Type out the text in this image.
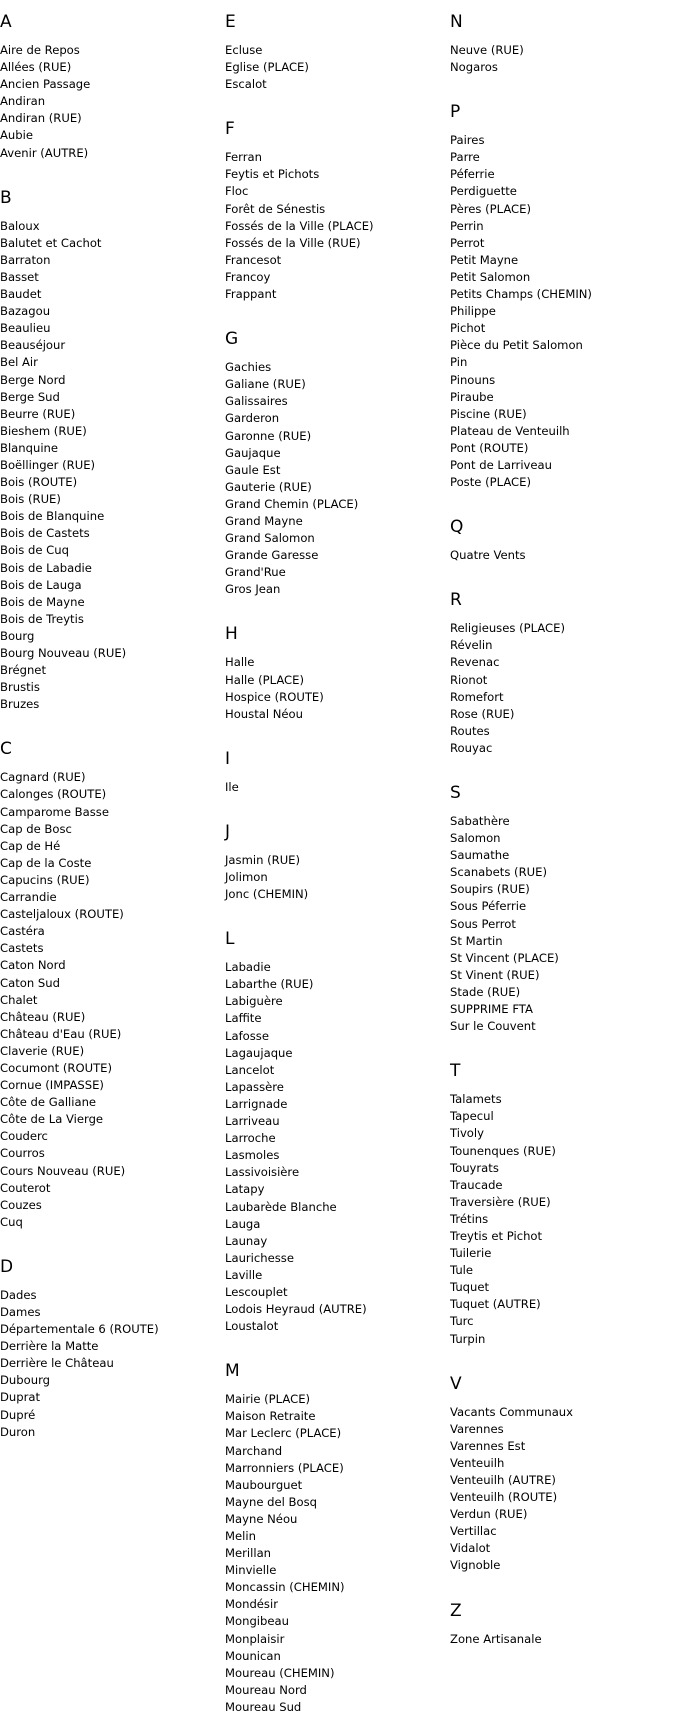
A
Aire de Repos
Allées (RUE)
Ancien Passage
Andiran
Andiran (RUE)
Aubie
Avenir (AUTRE)
B
Baloux
Balutet et Cachot
Barraton
Basset
Baudet
Bazagou
Beaulieu
Beauséjour
Bel Air
Berge Nord
Berge Sud
Beurre (RUE)
Bieshem (RUE)
Blanquine
Boëllinger (RUE)
Bois (ROUTE)
Bois (RUE)
Bois de Blanquine
Bois de Castets
Bois de Cuq
Bois de Labadie
Bois de Lauga
Bois de Mayne
Bois de Treytis
Bourg
Bourg Nouveau (RUE)
Brégnet
Brustis
Bruzes
C
Cagnard (RUE)
Calonges (ROUTE)
Camparome Basse
Cap de Bosc
Cap de Hé
Cap de la Coste
Capucins (RUE)
Carrandie
Casteljaloux (ROUTE)
Castéra
Castets
Caton Nord
Caton Sud
Chalet
Château (RUE)
Château d'Eau (RUE)
Claverie (RUE)
Cocumont (ROUTE)
Cornue (IMPASSE)
Côte de Galliane
Côte de La Vierge
Couderc
Courros
Cours Nouveau (RUE)
Couterot
Couzes
Cuq
D
Dades
Dames
Départementale 6 (ROUTE)
Derrière la Matte
Derrière le Château
Dubourg
Duprat
Dupré
Duron
E
Ecluse
Eglise (PLACE)
Escalot
F
Ferran
Feytis et Pichots
Floc
Forêt de Sénestis
Fossés de la Ville (PLACE)
Fossés de la Ville (RUE)
Francesot
Francoy
Frappant
G
Gachies
Galiane (RUE)
Galissaires
Garderon
Garonne (RUE)
Gaujaque
Gaule Est
Gauterie (RUE)
Grand Chemin (PLACE)
Grand Mayne
Grand Salomon
Grande Garesse
Grand'Rue
Gros Jean
H
Halle
Halle (PLACE)
Hospice (ROUTE)
Houstal Néou
I
Ile
J
Jasmin (RUE)
Jolimon
Jonc (CHEMIN)
L
Labadie
Labarthe (RUE)
Labiguère
Laffite
Lafosse
Lagaujaque
Lancelot
Lapassère
Larrignade
Larriveau
Larroche
Lasmoles
Lassivoisière
Latapy
Laubarède Blanche
Lauga
Launay
Laurichesse
Laville
Lescouplet
Lodois Heyraud (AUTRE)
Loustalot
M
Mairie (PLACE)
Maison Retraite
Mar Leclerc (PLACE)
Marchand
Marronniers (PLACE)
Maubourguet
Mayne del Bosq
Mayne Néou
Melin
Merillan
Minvielle
Moncassin (CHEMIN)
Mondésir
Mongibeau
Monplaisir
Mounican
Moureau (CHEMIN)
Moureau Nord
Moureau Sud
N
Neuve (RUE)
Nogaros
P
Paires
Parre
Péferrie
Perdiguette
Pères (PLACE)
Perrin
Perrot
Petit Mayne
Petit Salomon
Petits Champs (CHEMIN)
Philippe
Pichot
Pièce du Petit Salomon
Pin
Pinouns
Piraube
Piscine (RUE)
Plateau de Venteuilh
Pont (ROUTE)
Pont de Larriveau
Poste (PLACE)
Q
Quatre Vents
R
Religieuses (PLACE)
Révelin
Revenac
Rionot
Romefort
Rose (RUE)
Routes
Rouyac
S
Sabathère
Salomon
Saumathe
Scanabets (RUE)
Soupirs (RUE)
Sous Péferrie
Sous Perrot
St Martin
St Vincent (PLACE)
St Vinent (RUE)
Stade (RUE)
SUPPRIME FTA
Sur le Couvent
T
Talamets
Tapecul
Tivoly
Tounenques (RUE)
Touyrats
Traucade
Traversière (RUE)
Trétins
Treytis et Pichot
Tuilerie
Tule
Tuquet
Tuquet (AUTRE)
Turc
Turpin
V
Vacants Communaux
Varennes
Varennes Est
Venteuilh
Venteuilh (AUTRE)
Venteuilh (ROUTE)
Verdun (RUE)
Vertillac
Vidalot
Vignoble
Z
Zone Artisanale
